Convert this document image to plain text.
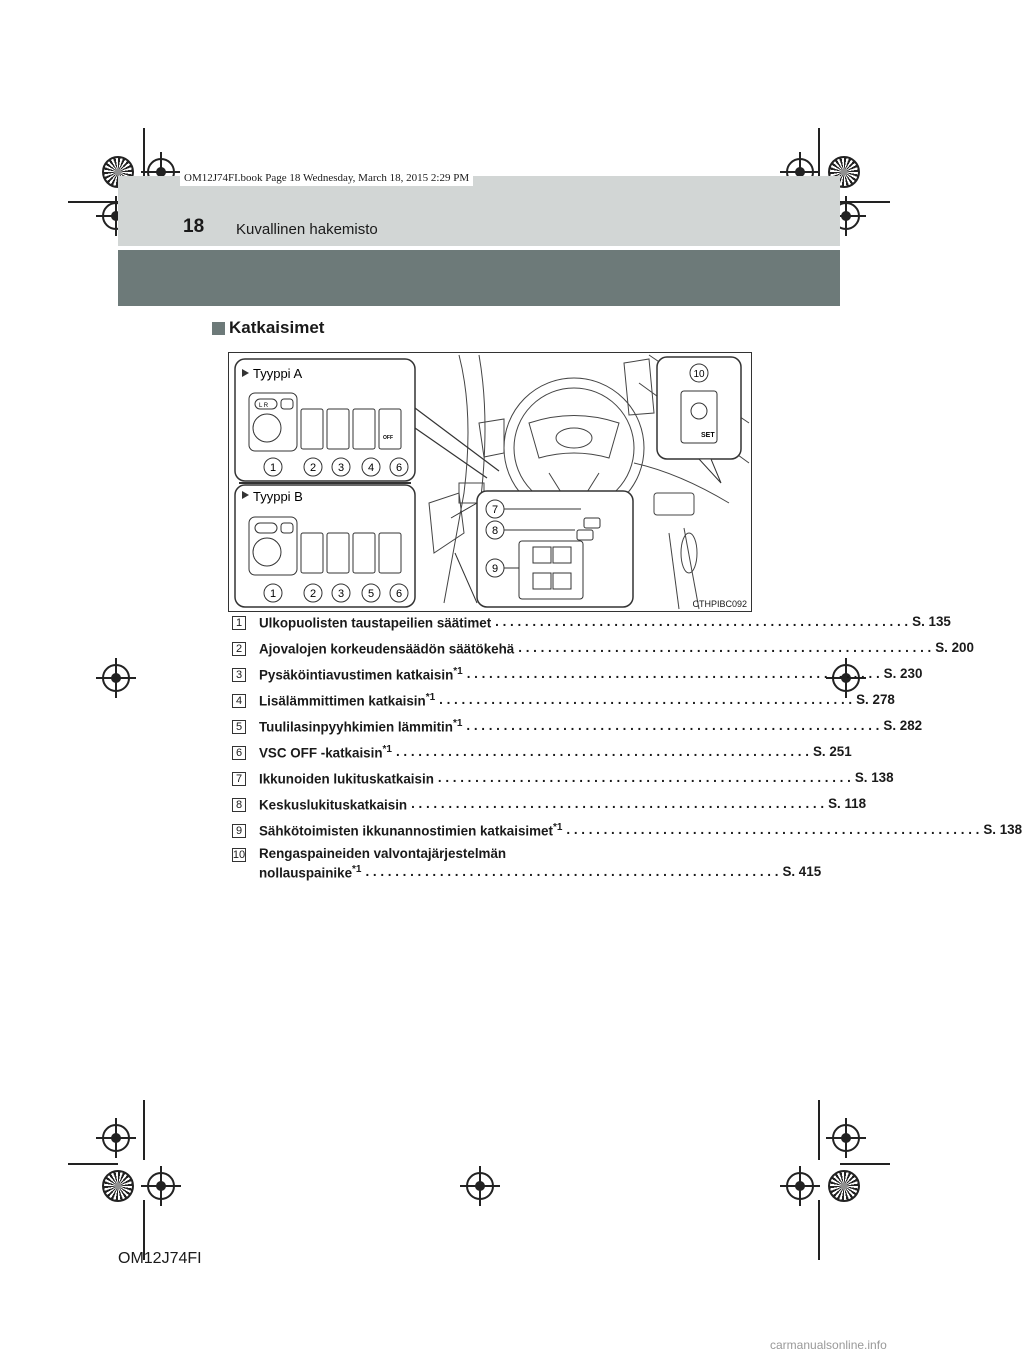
OM12J74FI.book Page 18 Wednesday, March 18, 2015 2:29 PM
18 Kuvallinen hakemisto
Katkaisimet
Tyyppi A
L R
OFF
1	2 3 4 6
Tyyppi B
1	2 3 5 6
7
8
9
10
SET
CTHPIBC092
1 Ulkopuolisten taustapeilien säätimet . . .	S. 135
2 Ajovalojen korkeudensäädön säätökehä . . .	S. 200
3 Pysäköintiavustimen katkaisin$^{*1}$ . . .	S. 230
4 Lisälämmittimen katkaisin$^{*1}$ . . .	S. 278
5 Tuulilasinpyyhkimien lämmitin$^{*1}$ . . .	S. 282
6 VSC OFF -katkaisin$^{*1}$ . . .	S. 251
7 Ikkunoiden lukituskatkaisin . . .	S. 138
8 Keskuslukituskatkaisin . . .	S. 118
9 Sähkötoimisten ikkunannostimien katkaisimet$^{*1}$ . . .	S. 138
10 Rengaspaineiden valvontajärjestelmän
nollauspainike$^{*1}$ . . .	S. 415
OM12J74FI
carmanualsonline.info
